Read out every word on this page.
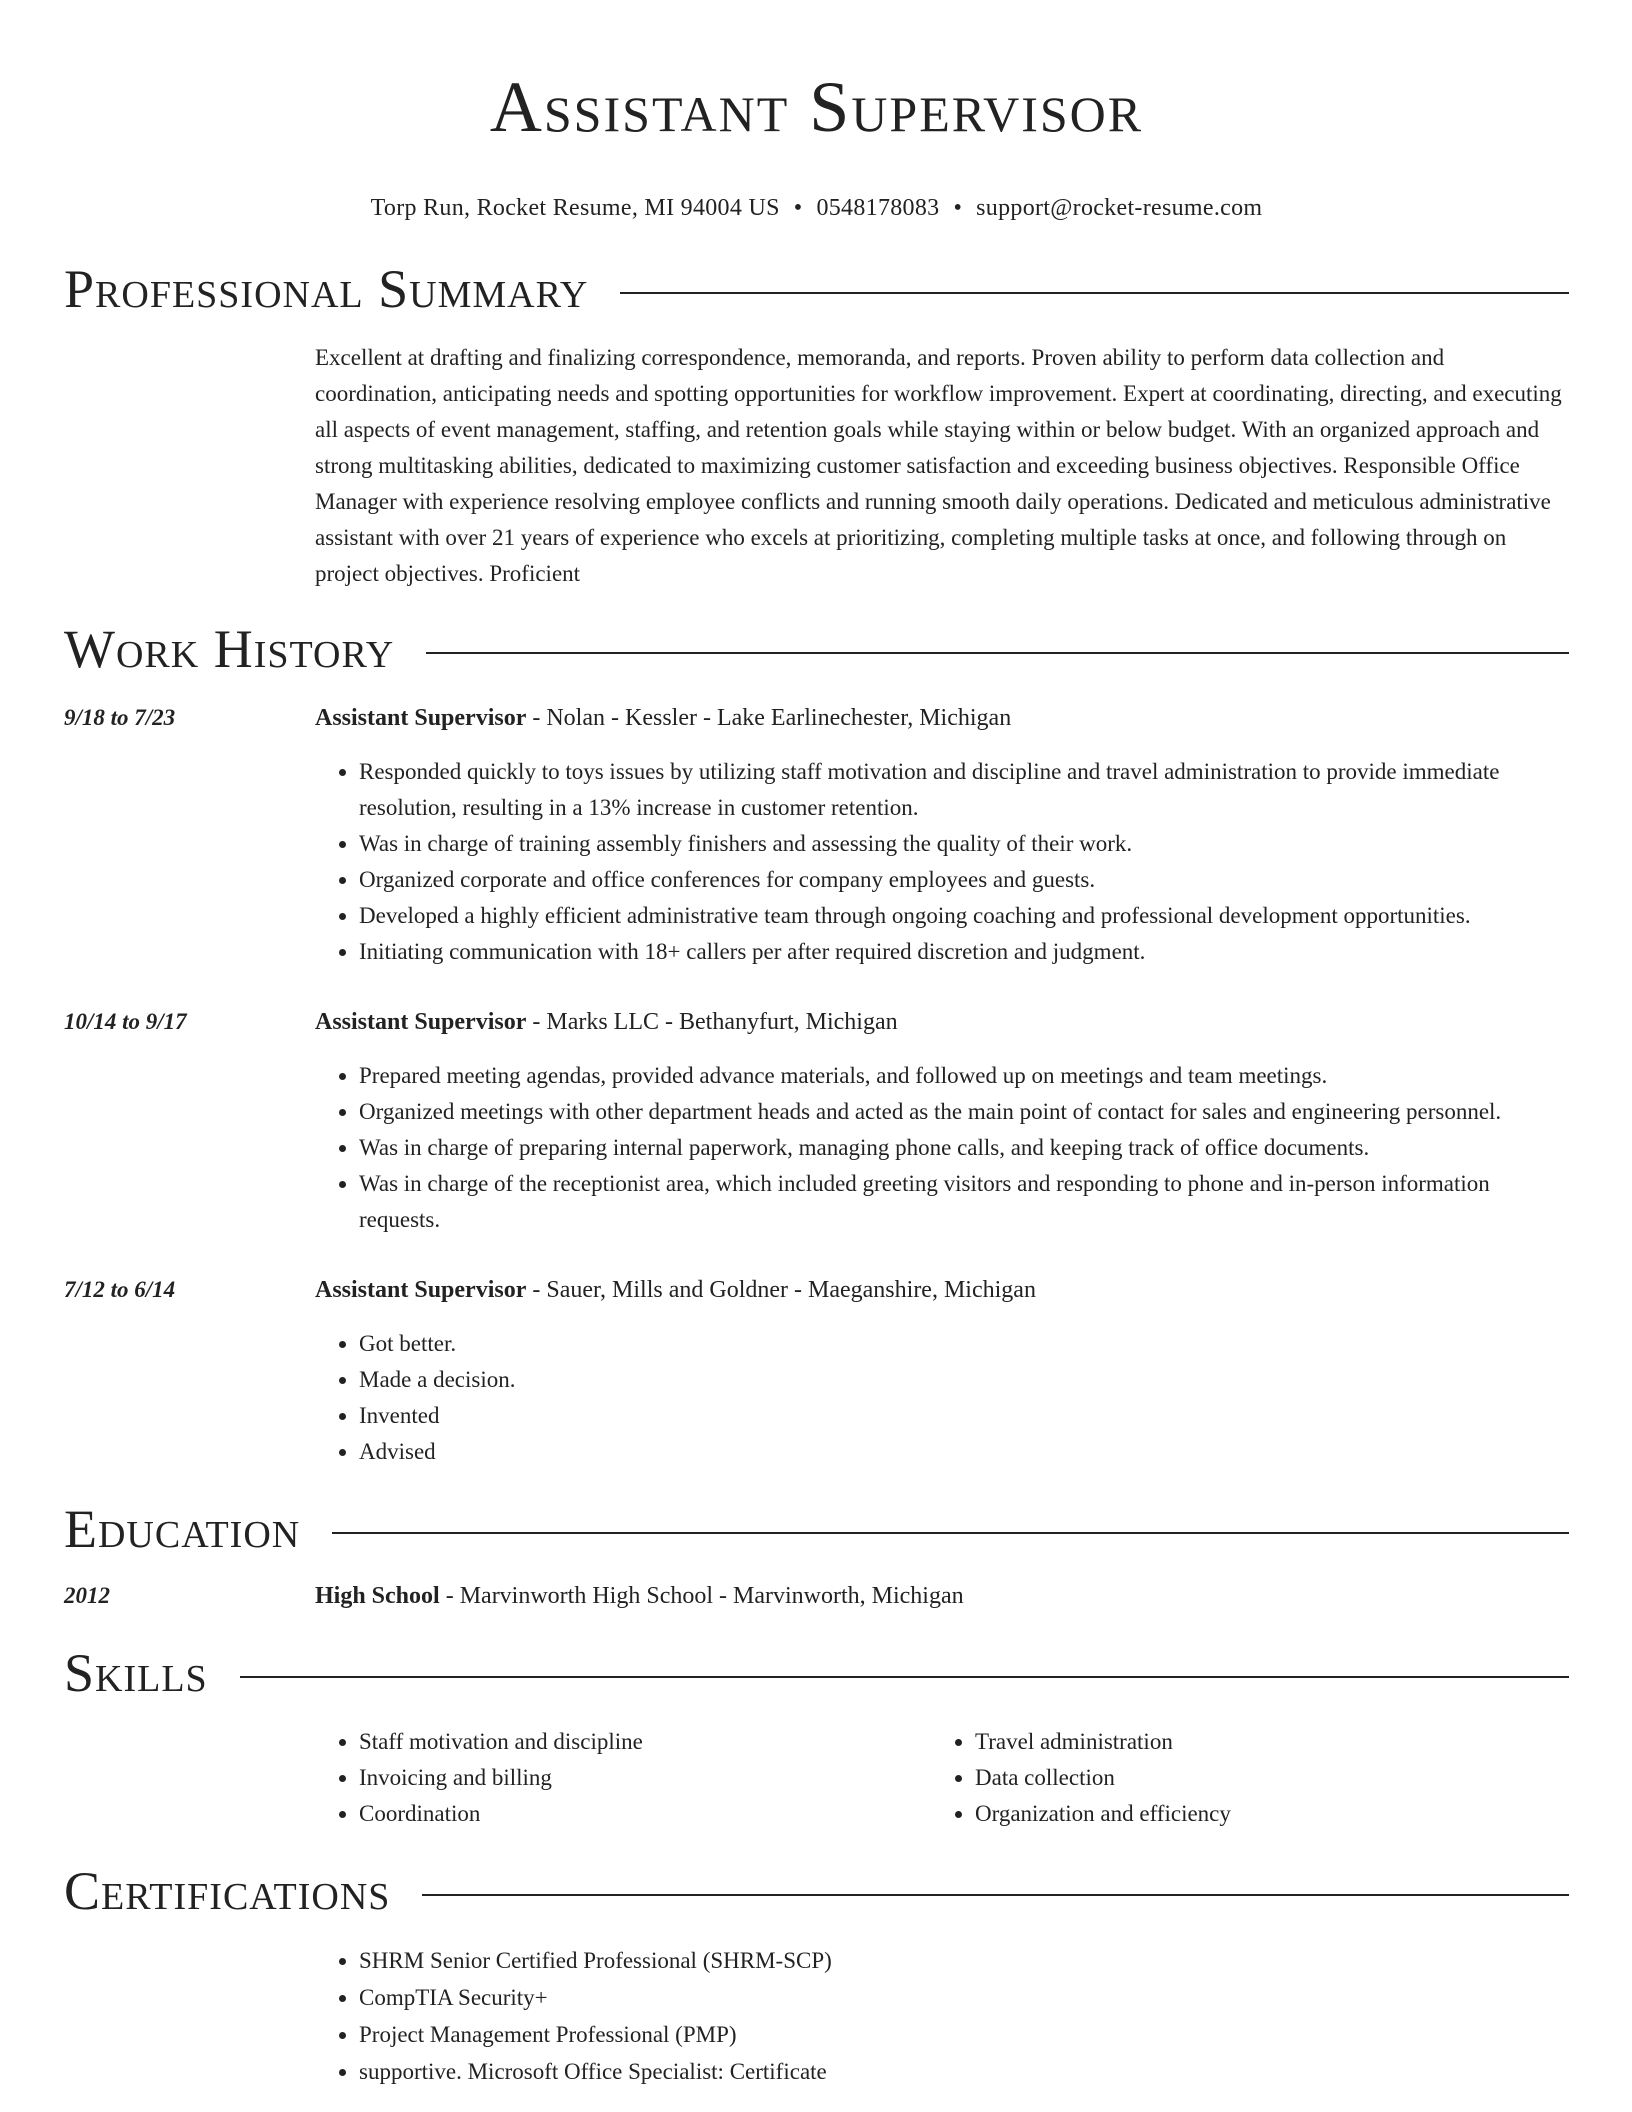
Assistant Supervisor
Torp Run, Rocket Resume, MI 94004 US • 0548178083 • support@rocket-resume.com
Professional Summary
Excellent at drafting and finalizing correspondence, memoranda, and reports. Proven ability to perform data collection and coordination, anticipating needs and spotting opportunities for workflow improvement. Expert at coordinating, directing, and executing all aspects of event management, staffing, and retention goals while staying within or below budget. With an organized approach and strong multitasking abilities, dedicated to maximizing customer satisfaction and exceeding business objectives. Responsible Office Manager with experience resolving employee conflicts and running smooth daily operations. Dedicated and meticulous administrative assistant with over 21 years of experience who excels at prioritizing, completing multiple tasks at once, and following through on project objectives. Proficient
Work History
9/18 to 7/23	Assistant Supervisor - Nolan - Kessler - Lake Earlinechester, Michigan
• Responded quickly to toys issues by utilizing staff motivation and discipline and travel administration to provide immediate resolution, resulting in a 13% increase in customer retention.
• Was in charge of training assembly finishers and assessing the quality of their work.
• Organized corporate and office conferences for company employees and guests.
• Developed a highly efficient administrative team through ongoing coaching and professional development opportunities.
• Initiating communication with 18+ callers per after required discretion and judgment.
10/14 to 9/17	Assistant Supervisor - Marks LLC - Bethanyfurt, Michigan
• Prepared meeting agendas, provided advance materials, and followed up on meetings and team meetings.
• Organized meetings with other department heads and acted as the main point of contact for sales and engineering personnel.
• Was in charge of preparing internal paperwork, managing phone calls, and keeping track of office documents.
• Was in charge of the receptionist area, which included greeting visitors and responding to phone and in-person information requests.
7/12 to 6/14	Assistant Supervisor - Sauer, Mills and Goldner - Maeganshire, Michigan
• Got better.
• Made a decision.
• Invented
• Advised
Education
2012	High School - Marvinworth High School - Marvinworth, Michigan
Skills
• Staff motivation and discipline
• Invoicing and billing
• Coordination
• Travel administration
• Data collection
• Organization and efficiency
Certifications
• SHRM Senior Certified Professional (SHRM-SCP)
• CompTIA Security+
• Project Management Professional (PMP)
• supportive. Microsoft Office Specialist: Certificate
